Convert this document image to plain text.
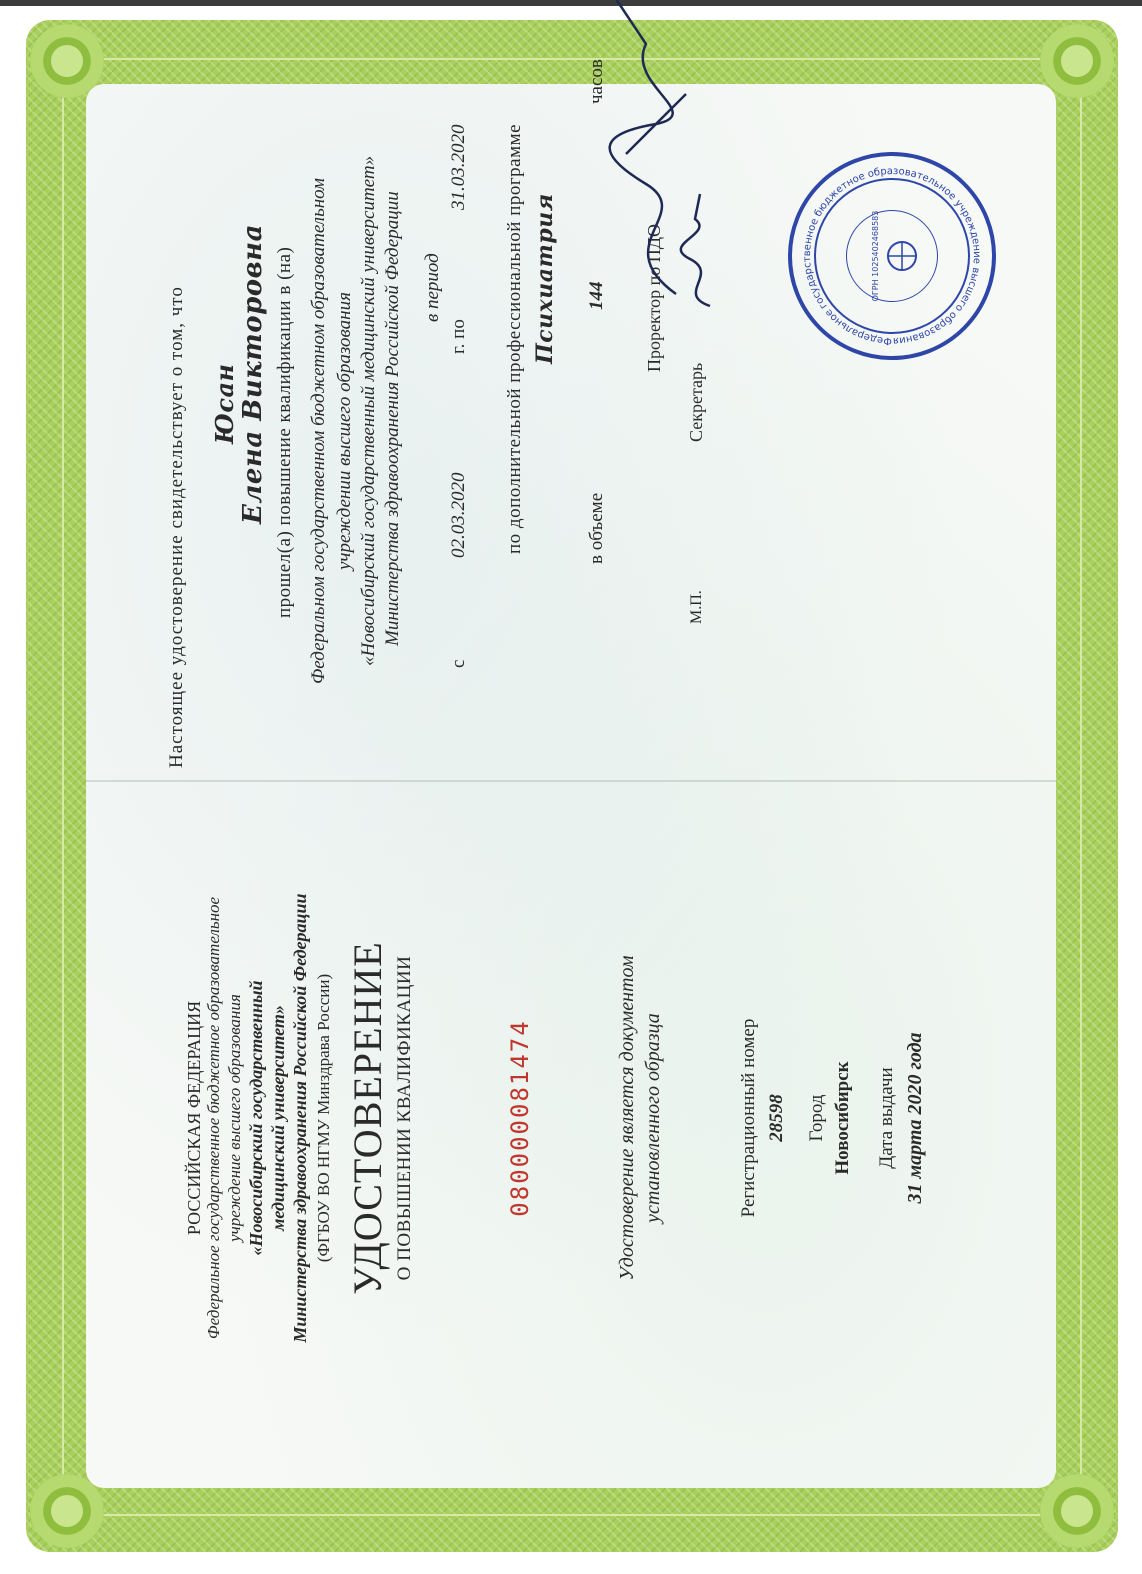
РОССИЙСКАЯ ФЕДЕРАЦИЯ Федеральное государственное бюджетное образовательное учреждение высшего образования «Новосибирский государственный медицинский университет» Министерства здравоохранения Российской Федерации (ФГБОУ ВО НГМУ Минздрава России) УДОСТОВЕРЕНИЕ О ПОВЫШЕНИИ КВАЛИФИКАЦИИ	080000081474	Удостоверение является документом установленного образца	Регистрационный номер 28598 Город Новосибирск Дата выдачи 31 марта 2020 года
Настоящее удостоверение свидетельствует о том, что Юсан Елена Викторовна прошел(а) повышение квалификации в (на) Федеральном государственном бюджетном образовательном учреждении высшего образования «Новосибирский государственный медицинский университет» Министерства здравоохранения Российской Федерации в период
с
02.03.2020
г. по
31.03.2020 по дополнительной профессиональной программе Психиатрия
в объеме
144
часов
Проректор по ПДО
Секретарь
М.П.
Федеральное государственное бюджетное образовательное учреждение высшего образования
ОГРН 1025402468583
